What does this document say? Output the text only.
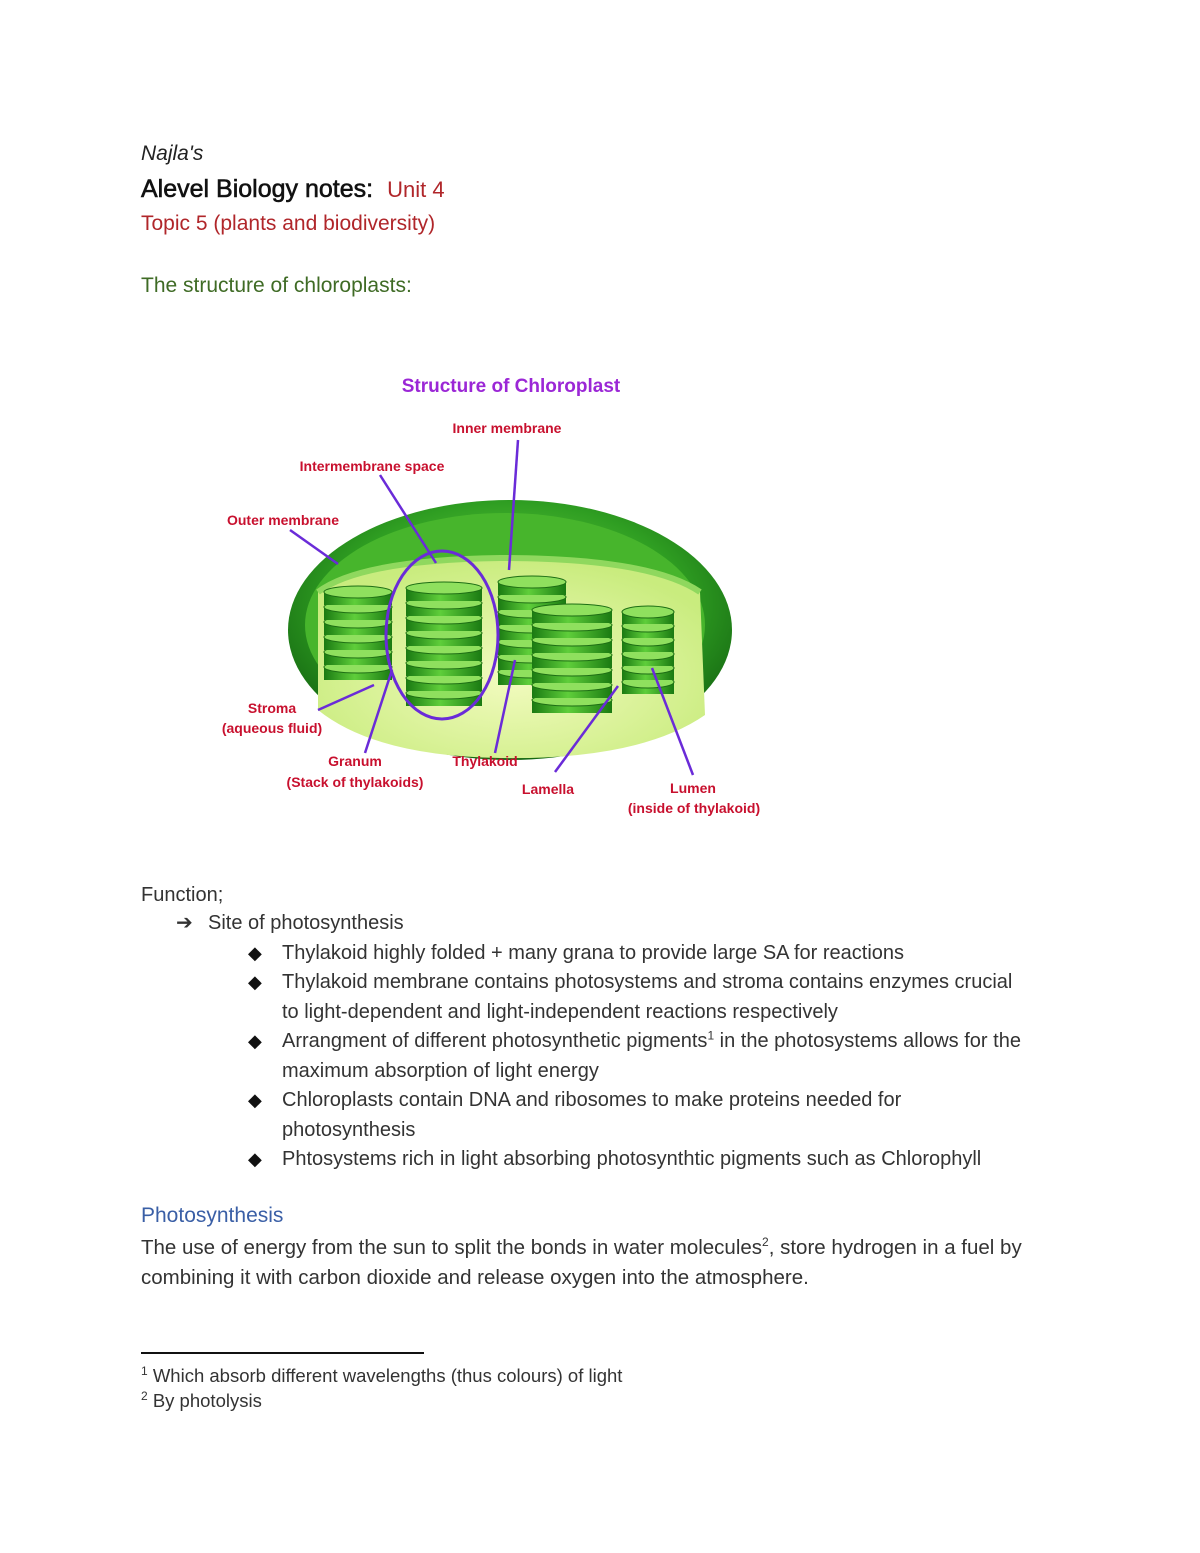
Najla's
Alevel Biology notes: Unit 4
Topic 5 (plants and biodiversity)
The structure of chloroplasts:
Structure of Chloroplast
Inner membrane
Intermembrane space
Outer membrane
Stroma
(aqueous fluid)
Granum
(Stack of thylakoids)
Thylakoid
Lamella	Lumen
(inside of thylakoid)
Function;
➔ Site of photosynthesis
◆ Thylakoid highly folded + many grana to provide large SA for reactions
◆ Thylakoid membrane contains photosystems and stroma contains enzymes crucial to light-dependent and light-independent reactions respectively
◆ Arrangment of different photosynthetic pigments$^1$ in the photosystems allows for the maximum absorption of light energy
◆ Chloroplasts contain DNA and ribosomes to make proteins needed for photosynthesis
◆ Phtosystems rich in light absorbing photosynthtic pigments such as Chlorophyll
Photosynthesis
The use of energy from the sun to split the bonds in water molecules$^2$, store hydrogen in a fuel by combining it with carbon dioxide and release oxygen into the atmosphere.
$^1$ Which absorb different wavelengths (thus colours) of light
$^2$ By photolysis
